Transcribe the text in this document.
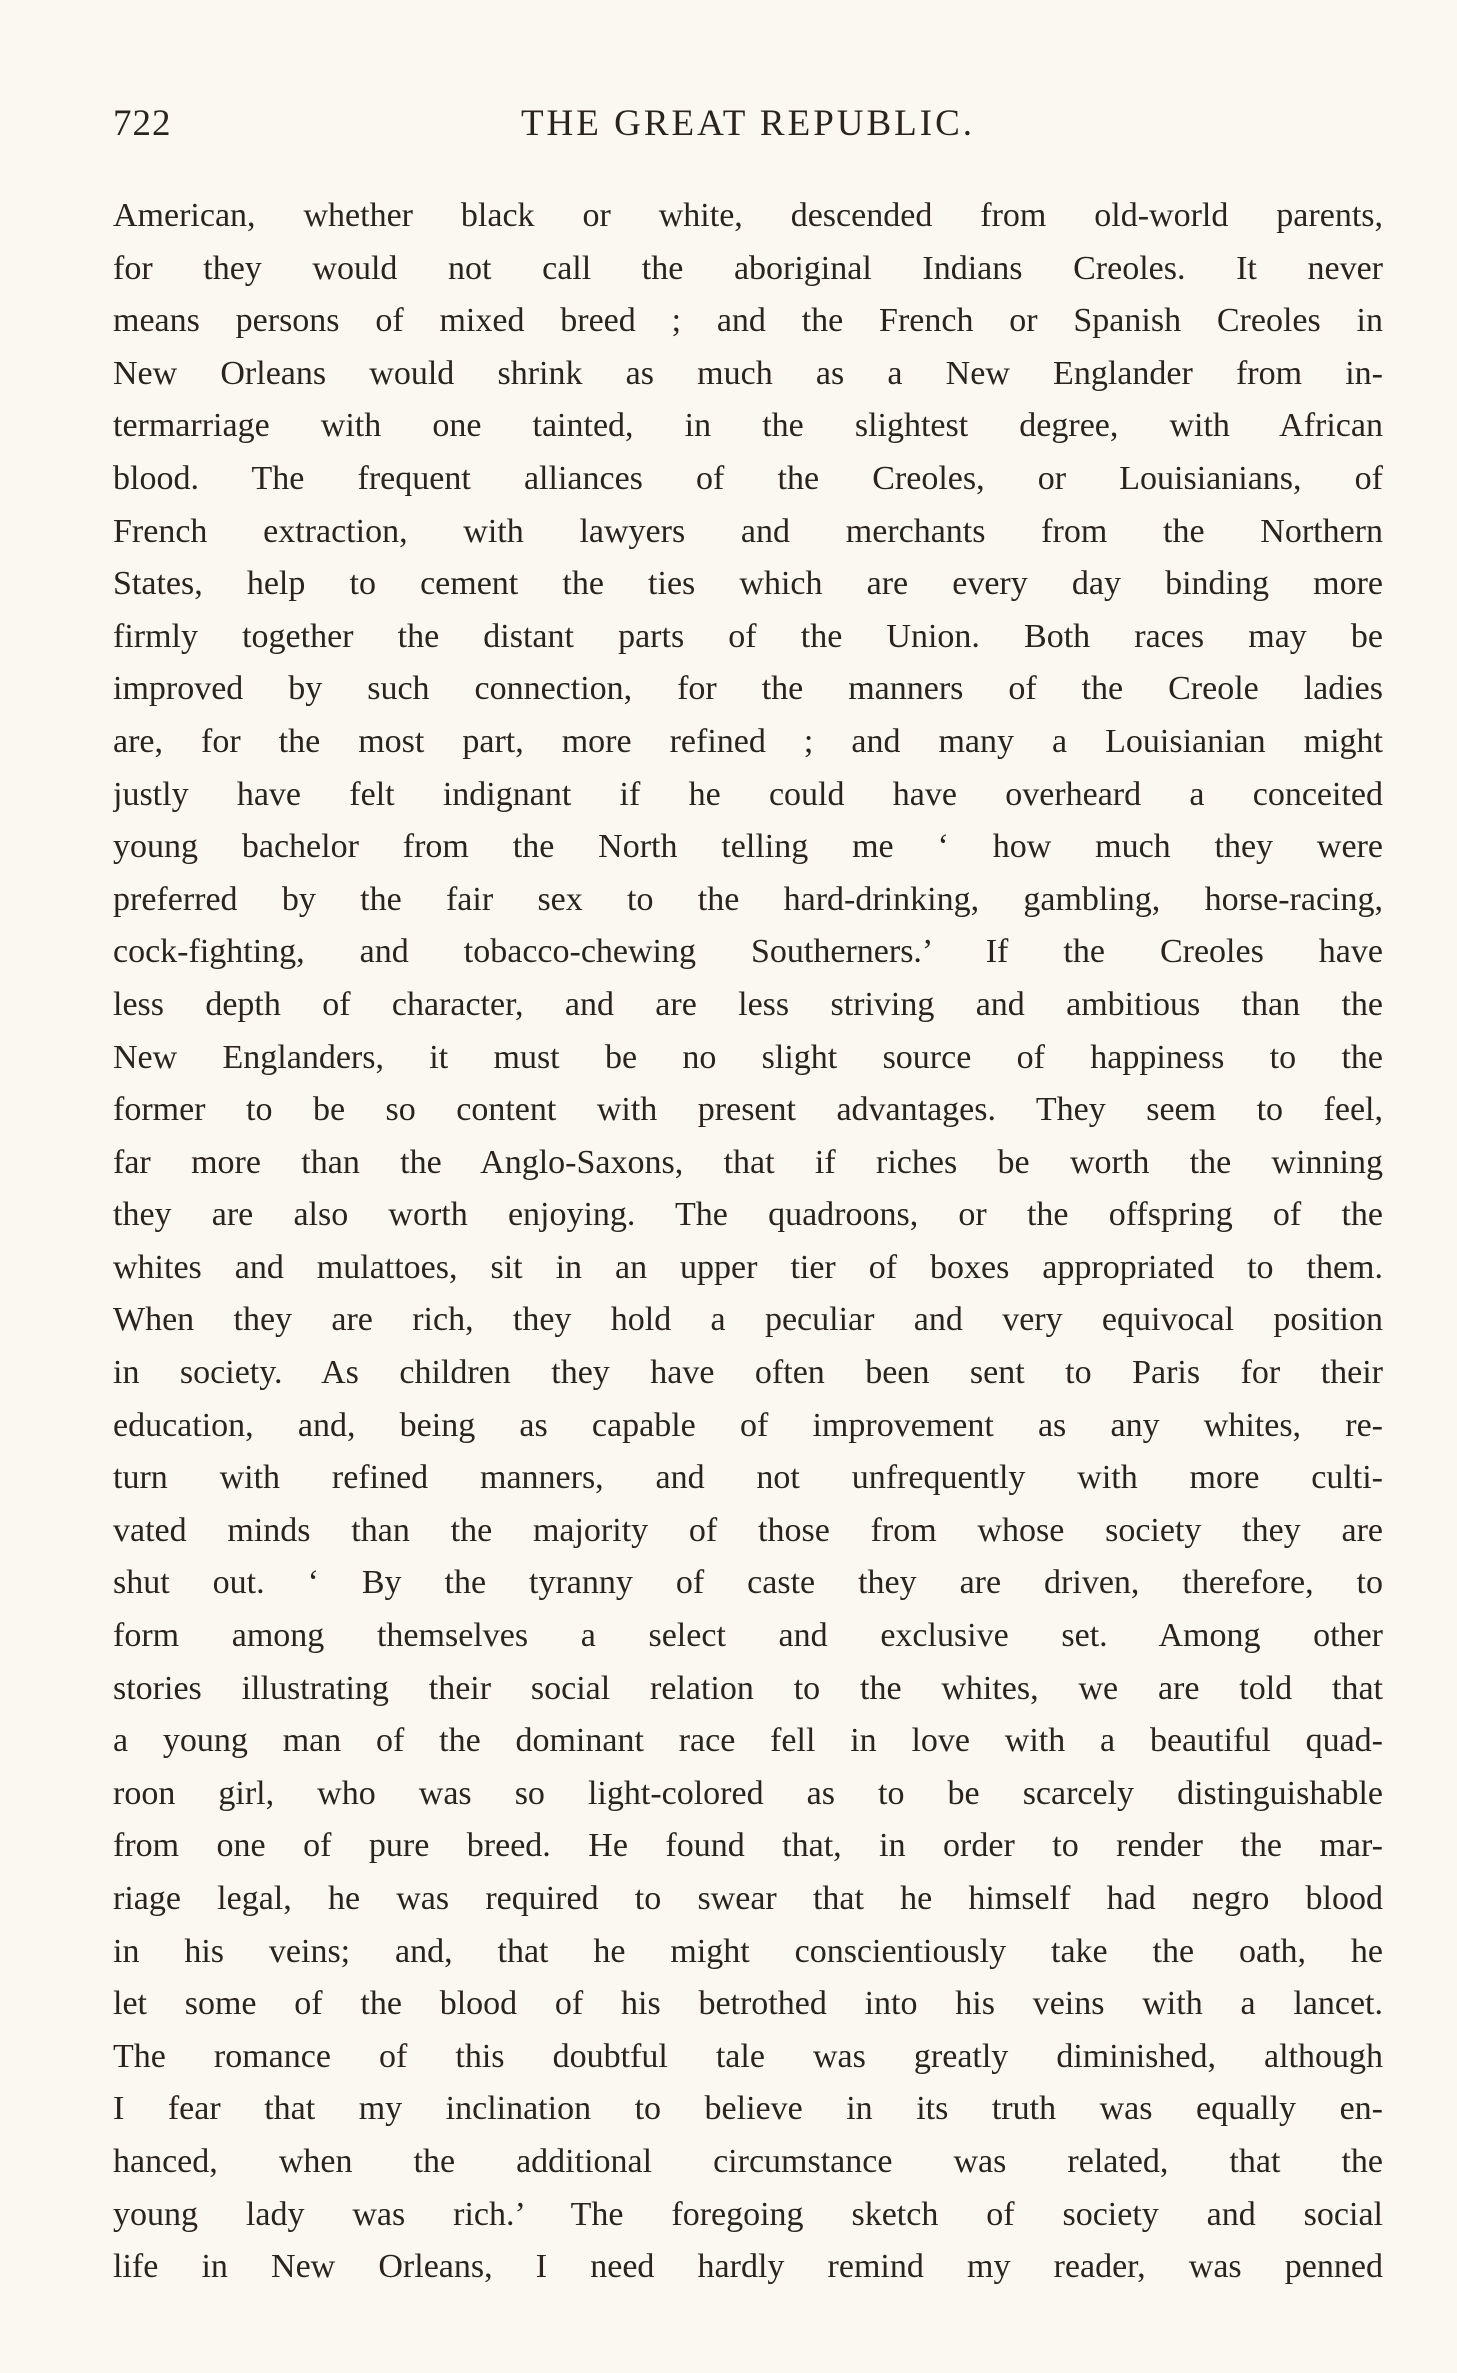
722	THE GREAT REPUBLIC.
American, whether black or white, descended from old-world parents,
for they would not call the aboriginal Indians Creoles. It never
means persons of mixed breed ; and the French or Spanish Creoles in
New Orleans would shrink as much as a New Englander from in-
termarriage with one tainted, in the slightest degree, with African
blood. The frequent alliances of the Creoles, or Louisianians, of
French extraction, with lawyers and merchants from the Northern
States, help to cement the ties which are every day binding more
firmly together the distant parts of the Union. Both races may be
improved by such connection, for the manners of the Creole ladies
are, for the most part, more refined ; and many a Louisianian might
justly have felt indignant if he could have overheard a conceited
young bachelor from the North telling me ‘ how much they were
preferred by the fair sex to the hard-drinking, gambling, horse-racing,
cock-fighting, and tobacco-chewing Southerners.’ If the Creoles have
less depth of character, and are less striving and ambitious than the
New Englanders, it must be no slight source of happiness to the
former to be so content with present advantages. They seem to feel,
far more than the Anglo-Saxons, that if riches be worth the winning
they are also worth enjoying. The quadroons, or the offspring of the
whites and mulattoes, sit in an upper tier of boxes appropriated to them.
When they are rich, they hold a peculiar and very equivocal position
in society. As children they have often been sent to Paris for their
education, and, being as capable of improvement as any whites, re-
turn with refined manners, and not unfrequently with more culti-
vated minds than the majority of those from whose society they are
shut out. ‘ By the tyranny of caste they are driven, therefore, to
form among themselves a select and exclusive set. Among other
stories illustrating their social relation to the whites, we are told that
a young man of the dominant race fell in love with a beautiful quad-
roon girl, who was so light-colored as to be scarcely distinguishable
from one of pure breed. He found that, in order to render the mar-
riage legal, he was required to swear that he himself had negro blood
in his veins; and, that he might conscientiously take the oath, he
let some of the blood of his betrothed into his veins with a lancet.
The romance of this doubtful tale was greatly diminished, although
I fear that my inclination to believe in its truth was equally en-
hanced, when the additional circumstance was related, that the
young lady was rich.’ The foregoing sketch of society and social
life in New Orleans, I need hardly remind my reader, was penned
